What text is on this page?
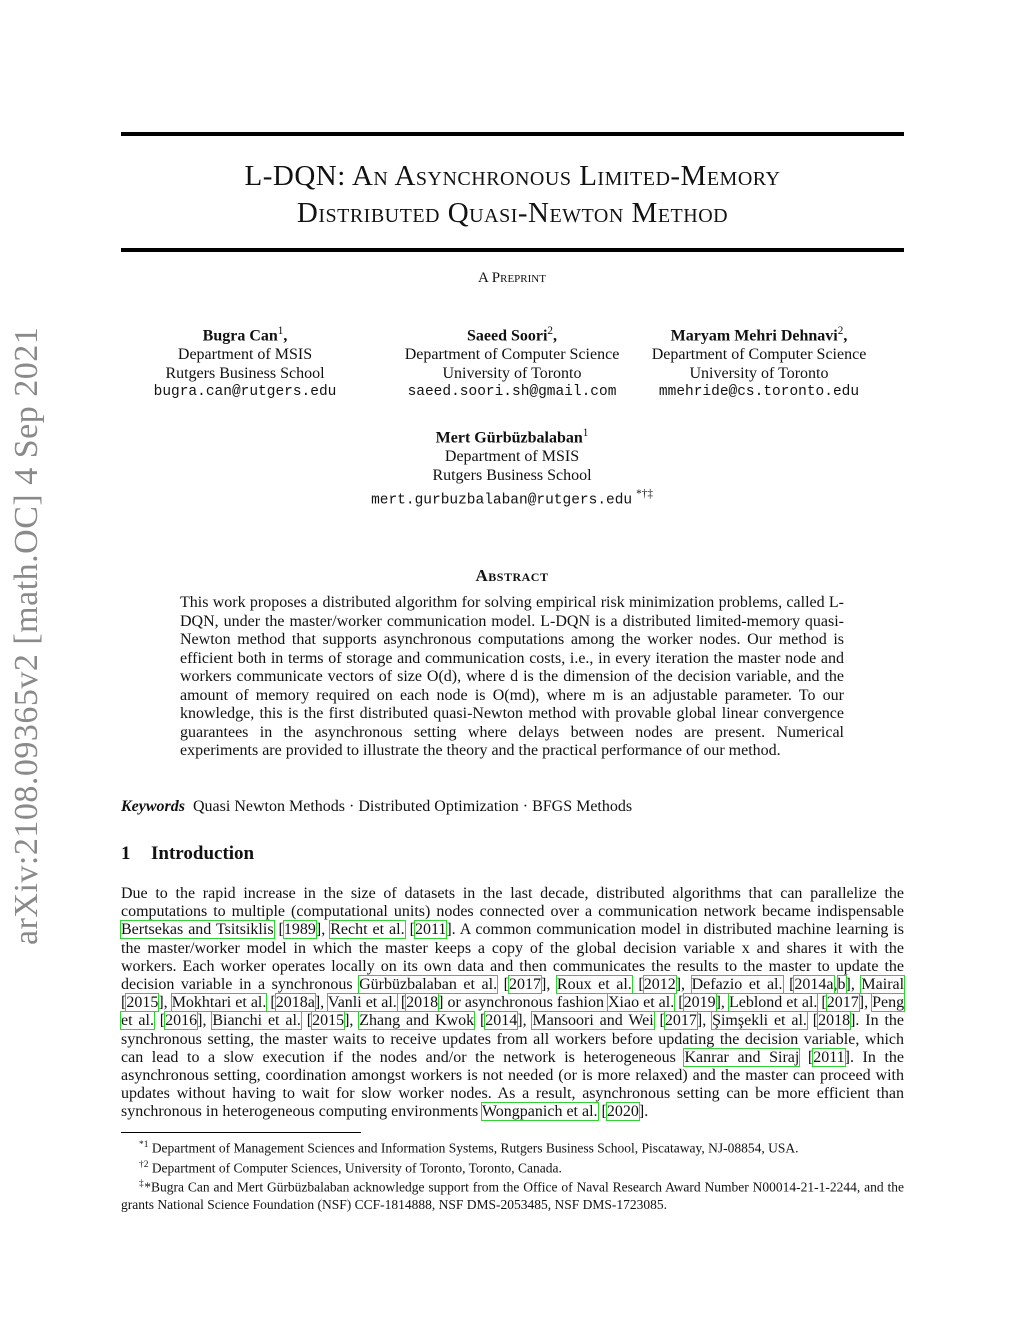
arXiv:2108.09365v2 [math.OC] 4 Sep 2021
L-DQN: An Asynchronous Limited-Memory
Distributed Quasi-Newton Method
A Preprint
Bugra Can$^1$,
Department of MSIS
Rutgers Business School
bugra.can@rutgers.edu
Saeed Soori$^2$,
Department of Computer Science
University of Toronto
saeed.soori.sh@gmail.com
Maryam Mehri Dehnavi$^2$,
Department of Computer Science
University of Toronto
mmehride@cs.toronto.edu
Mert Gürbüzbalaban$^1$
Department of MSIS
Rutgers Business School
mert.gurbuzbalaban@rutgers.edu *†‡
Abstract
This work proposes a distributed algorithm for solving empirical risk minimization problems, called L-DQN, under the master/worker communication model. L-DQN is a distributed limited-memory quasi-Newton method that supports asynchronous computations among the worker nodes. Our method is efficient both in terms of storage and communication costs, i.e., in every iteration the master node and workers communicate vectors of size O(d), where d is the dimension of the decision variable, and the amount of memory required on each node is O(md), where m is an adjustable parameter. To our knowledge, this is the first distributed quasi-Newton method with provable global linear convergence guarantees in the asynchronous setting where delays between nodes are present. Numerical experiments are provided to illustrate the theory and the practical performance of our method.
Keywords Quasi Newton Methods · Distributed Optimization · BFGS Methods
1 Introduction
Due to the rapid increase in the size of datasets in the last decade, distributed algorithms that can parallelize the computations to multiple (computational units) nodes connected over a communication network became indispensable Bertsekas and Tsitsiklis [1989], Recht et al. [2011]. A common communication model in distributed machine learning is the master/worker model in which the master keeps a copy of the global decision variable x and shares it with the workers. Each worker operates locally on its own data and then communicates the results to the master to update the decision variable in a synchronous Gürbüzbalaban et al. [2017], Roux et al. [2012], Defazio et al. [2014a,b], Mairal [2015], Mokhtari et al. [2018a], Vanli et al. [2018] or asynchronous fashion Xiao et al. [2019], Leblond et al. [2017], Peng et al. [2016], Bianchi et al. [2015], Zhang and Kwok [2014], Mansoori and Wei [2017], Şimşekli et al. [2018]. In the synchronous setting, the master waits to receive updates from all workers before updating the decision variable, which can lead to a slow execution if the nodes and/or the network is heterogeneous Kanrar and Siraj [2011]. In the asynchronous setting, coordination amongst workers is not needed (or is more relaxed) and the master can proceed with updates without having to wait for slow worker nodes. As a result, asynchronous setting can be more efficient than synchronous in heterogeneous computing environments Wongpanich et al. [2020].
$^{*1}$ Department of Management Sciences and Information Systems, Rutgers Business School, Piscataway, NJ-08854, USA.
$^{\dagger 2}$ Department of Computer Sciences, University of Toronto, Toronto, Canada.
‡*Bugra Can and Mert Gürbüzbalaban acknowledge support from the Office of Naval Research Award Number N00014-21-1-2244, and the grants National Science Foundation (NSF) CCF-1814888, NSF DMS-2053485, NSF DMS-1723085.
